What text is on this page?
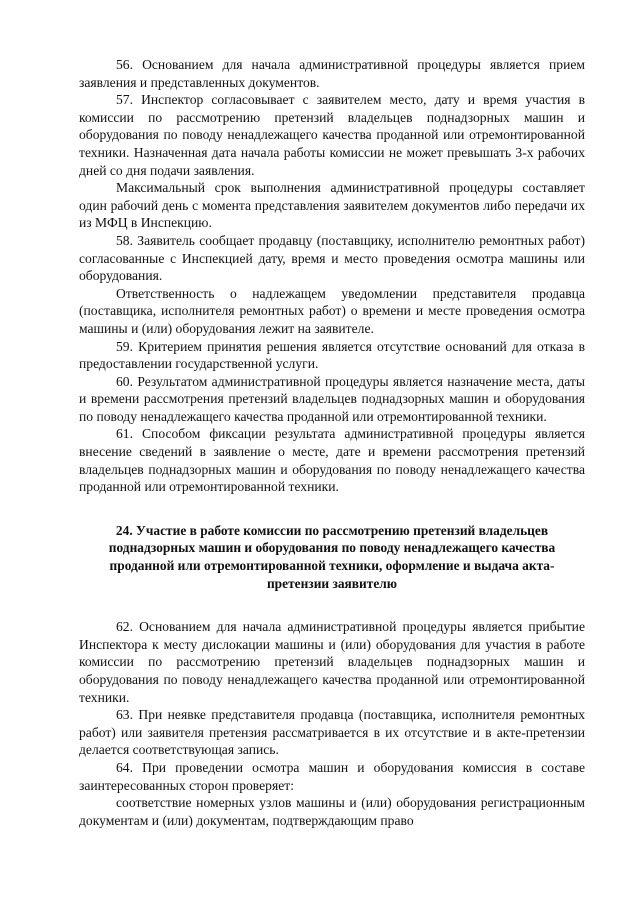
56. Основанием для начала административной процедуры является прием заявления и представленных документов.

57. Инспектор согласовывает с заявителем место, дату и время участия в комиссии по рассмотрению претензий владельцев поднадзорных машин и оборудования по поводу ненадлежащего качества проданной или отремонтированной техники. Назначенная дата начала работы комиссии не может превышать 3-х рабочих дней со дня подачи заявления.

Максимальный срок выполнения административной процедуры составляет один рабочий день с момента представления заявителем документов либо передачи их из МФЦ в Инспекцию.

58. Заявитель сообщает продавцу (поставщику, исполнителю ремонтных работ) согласованные с Инспекцией дату, время и место проведения осмотра машины или оборудования.

Ответственность о надлежащем уведомлении представителя продавца (поставщика, исполнителя ремонтных работ) о времени и месте проведения осмотра машины и (или) оборудования лежит на заявителе.

59. Критерием принятия решения является отсутствие оснований для отказа в предоставлении государственной услуги.

60. Результатом административной процедуры является назначение места, даты и времени рассмотрения претензий владельцев поднадзорных машин и оборудования по поводу ненадлежащего качества проданной или отремонтированной техники.

61. Способом фиксации результата административной процедуры является внесение сведений в заявление о месте, дате и времени рассмотрения претензий владельцев поднадзорных машин и оборудования по поводу ненадлежащего качества проданной или отремонтированной техники.

24. Участие в работе комиссии по рассмотрению претензий владельцев поднадзорных машин и оборудования по поводу ненадлежащего качества проданной или отремонтированной техники, оформление и выдача акта-претензии заявителю

62. Основанием для начала административной процедуры является прибытие Инспектора к месту дислокации машины и (или) оборудования для участия в работе комиссии по рассмотрению претензий владельцев поднадзорных машин и оборудования по поводу ненадлежащего качества проданной или отремонтированной техники.

63. При неявке представителя продавца (поставщика, исполнителя ремонтных работ) или заявителя претензия рассматривается в их отсутствие и в акте-претензии делается соответствующая запись.

64. При проведении осмотра машин и оборудования комиссия в составе заинтересованных сторон проверяет:

соответствие номерных узлов машины и (или) оборудования регистрационным документам и (или) документам, подтверждающим право
